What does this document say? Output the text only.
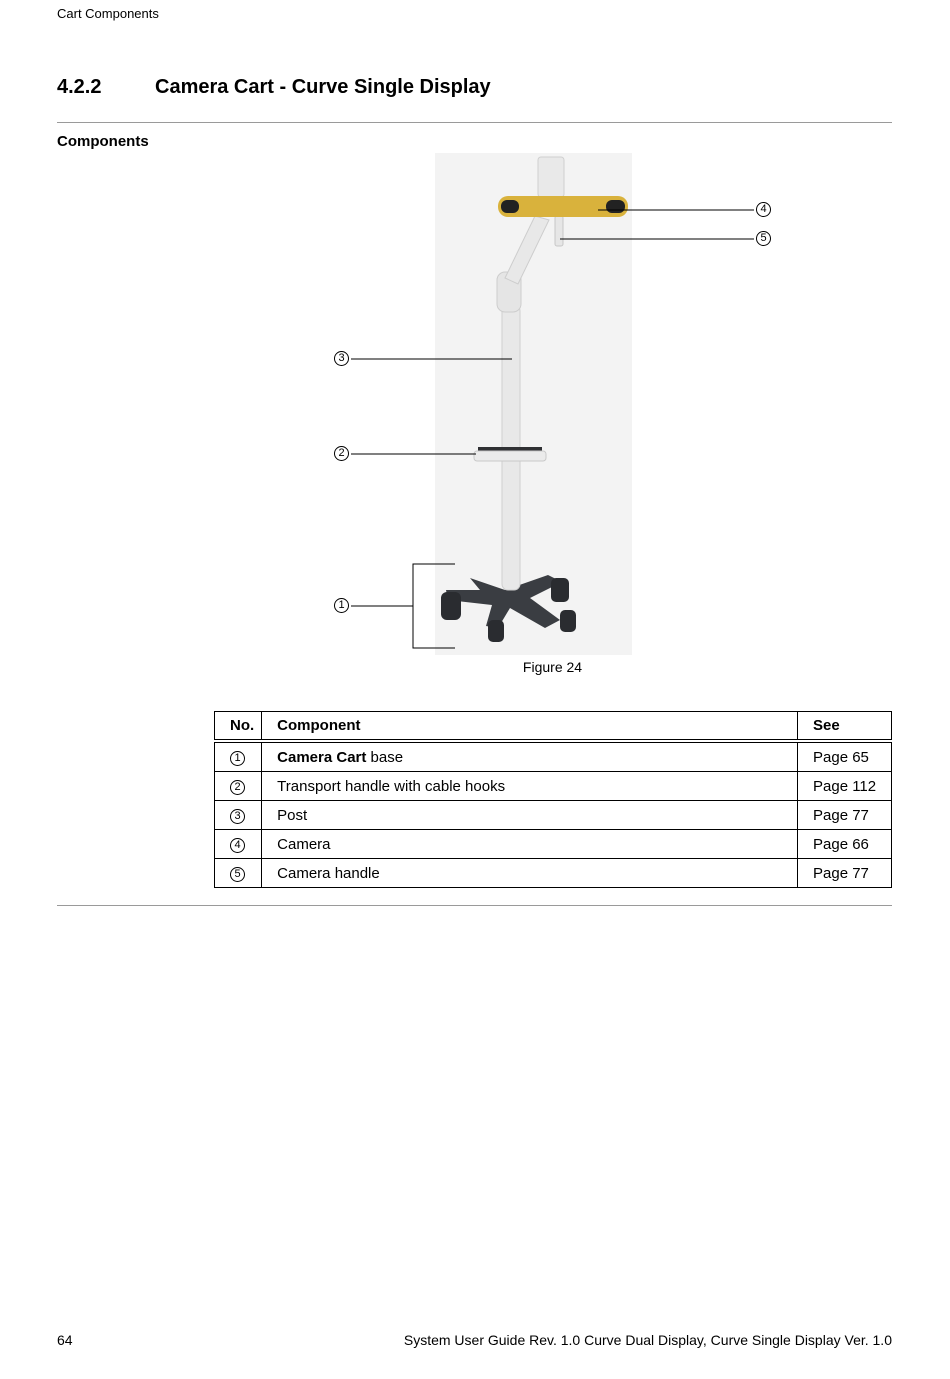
Cart Components
4.2.2	Camera Cart - Curve Single Display
Components
4
5
3
2
1
Figure 24
No.	Component	See
1	Camera Cart base	Page 65
2	Transport handle with cable hooks	Page 112
3	Post	Page 77
4	Camera	Page 66
5	Camera handle	Page 77
64	System User Guide Rev. 1.0 Curve Dual Display, Curve Single Display Ver. 1.0
